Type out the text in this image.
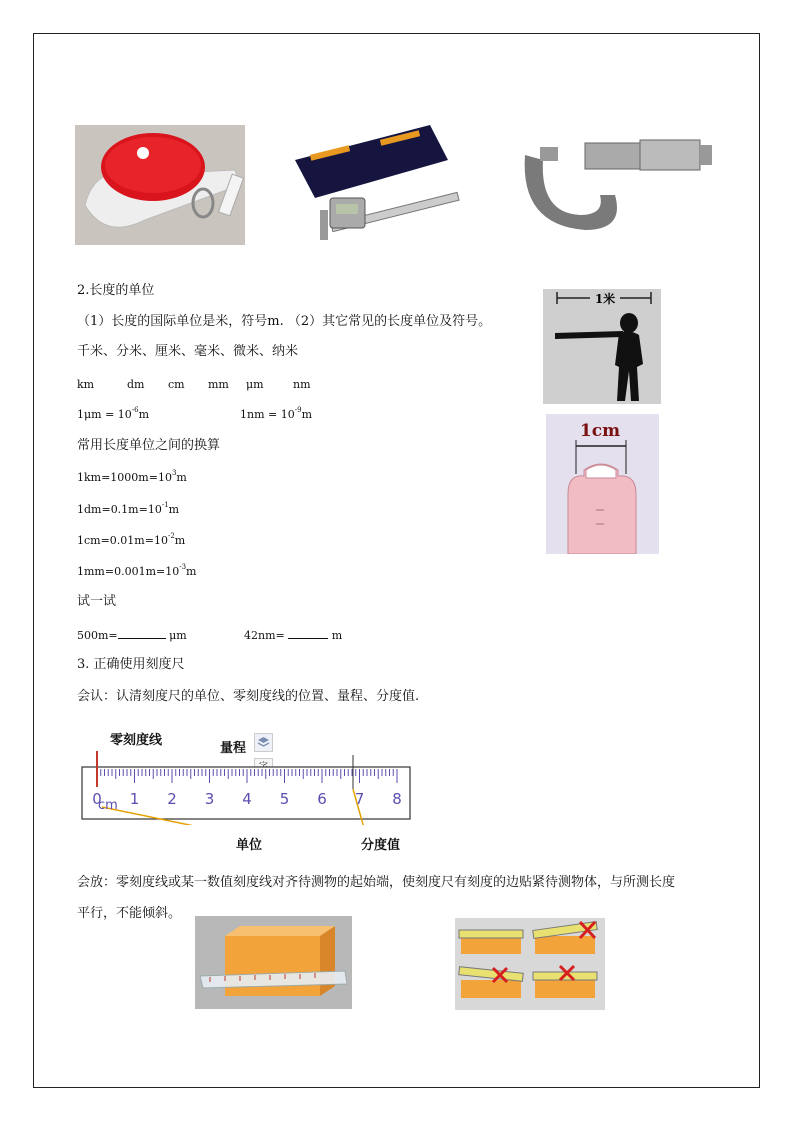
2.长度的单位
（1）长度的国际单位是米，符号m. （2）其它常见的长度单位及符号。
千米、分米、厘米、毫米、微米、纳米
km	dm cm mm μm	nm
$1\mu m = 10^{-6}m$	$1nm = 10^{-9}m$
常用长度单位之间的换算
$1km=1000m=10^3m$
$1dm=0.1m=10^{-1}m$
$1cm=0.01m=10^{-2}m$
$1mm=0.001m=10^{-3}m$
试一试
500m=	μm	42nm=	m
1米
1cm
3. 正确使用刻度尺
会认：认清刻度尺的单位、零刻度线的位置、量程、分度值.
零刻度线
量程
0 1 2 3 4 5 6 7 8
cm
单位	分度值
会放：零刻度线或某一数值刻度线对齐待测物的起始端，使刻度尺有刻度的边贴紧待测物体，与所测长度
平行，不能倾斜。
